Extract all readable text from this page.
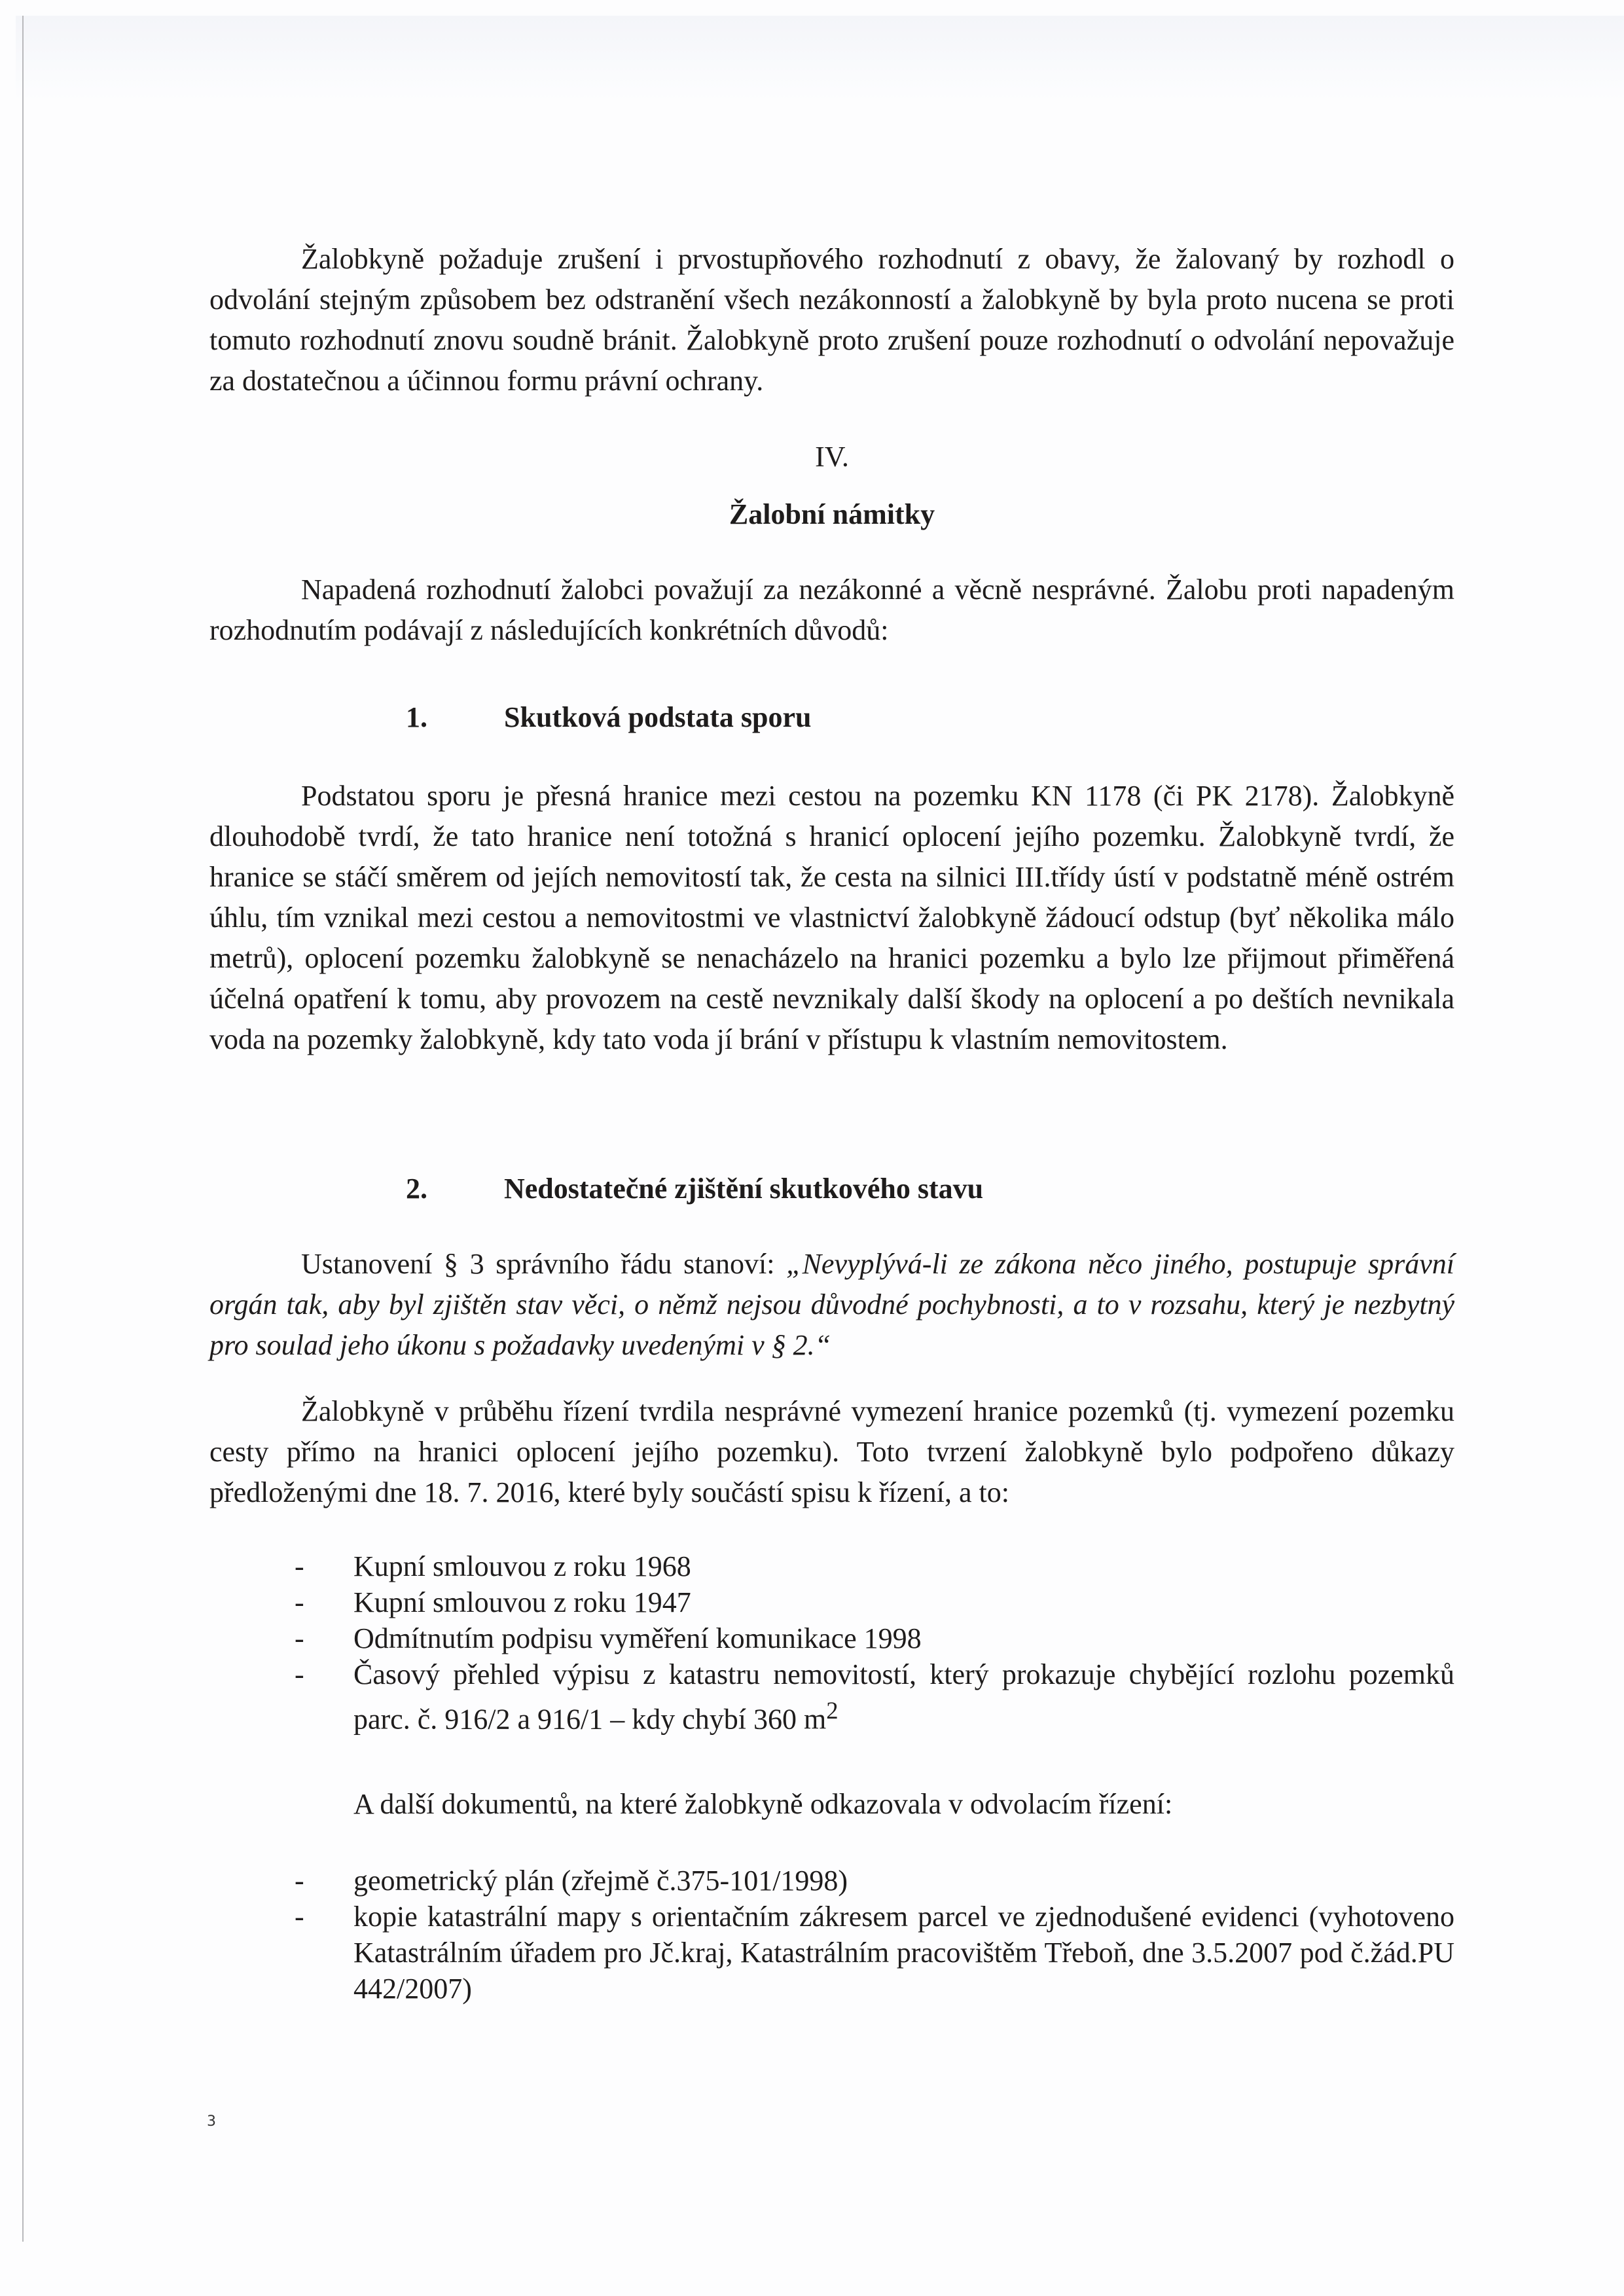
Žalobkyně požaduje zrušení i prvostupňového rozhodnutí z obavy, že žalovaný by rozhodl o odvolání stejným způsobem bez odstranění všech nezákonností a žalobkyně by byla proto nucena se proti tomuto rozhodnutí znovu soudně bránit. Žalobkyně proto zrušení pouze rozhodnutí o odvolání nepovažuje za dostatečnou a účinnou formu právní ochrany.

IV.
Žalobní námitky

Napadená rozhodnutí žalobci považují za nezákonné a věcně nesprávné. Žalobu proti napadeným rozhodnutím podávají z následujících konkrétních důvodů:

1.	Skutková podstata sporu

Podstatou sporu je přesná hranice mezi cestou na pozemku KN 1178 (či PK 2178). Žalobkyně dlouhodobě tvrdí, že tato hranice není totožná s hranicí oplocení jejího pozemku. Žalobkyně tvrdí, že hranice se stáčí směrem od jejích nemovitostí tak, že cesta na silnici III.třídy ústí v podstatně méně ostrém úhlu, tím vznikal mezi cestou a nemovitostmi ve vlastnictví žalobkyně žádoucí odstup (byť několika málo metrů), oplocení pozemku žalobkyně se nenacházelo na hranici pozemku a bylo lze přijmout přiměřená účelná opatření k tomu, aby provozem na cestě nevznikaly další škody na oplocení a po deštích nevnikala voda na pozemky žalobkyně, kdy tato voda jí brání v přístupu k vlastním nemovitostem.

2.	Nedostatečné zjištění skutkového stavu

Ustanovení § 3 správního řádu stanoví: „Nevyplývá-li ze zákona něco jiného, postupuje správní orgán tak, aby byl zjištěn stav věci, o němž nejsou důvodné pochybnosti, a to v rozsahu, který je nezbytný pro soulad jeho úkonu s požadavky uvedenými v § 2.“

Žalobkyně v průběhu řízení tvrdila nesprávné vymezení hranice pozemků (tj. vymezení pozemku cesty přímo na hranici oplocení jejího pozemku). Toto tvrzení žalobkyně bylo podpořeno důkazy předloženými dne 18. 7. 2016, které byly součástí spisu k řízení, a to:

- Kupní smlouvou z roku 1968
- Kupní smlouvou z roku 1947
- Odmítnutím podpisu vyměření komunikace 1998
- Časový přehled výpisu z katastru nemovitostí, který prokazuje chybějící rozlohu pozemků parc. č. 916/2 a 916/1 – kdy chybí 360 $m^2$

A další dokumentů, na které žalobkyně odkazovala v odvolacím řízení:

- geometrický plán (zřejmě č.375-101/1998)
- kopie katastrální mapy s orientačním zákresem parcel ve zjednodušené evidenci (vyhotoveno Katastrálním úřadem pro Jč.kraj, Katastrálním pracovištěm Třeboň, dne 3.5.2007 pod č.žád.PU 442/2007)
3
